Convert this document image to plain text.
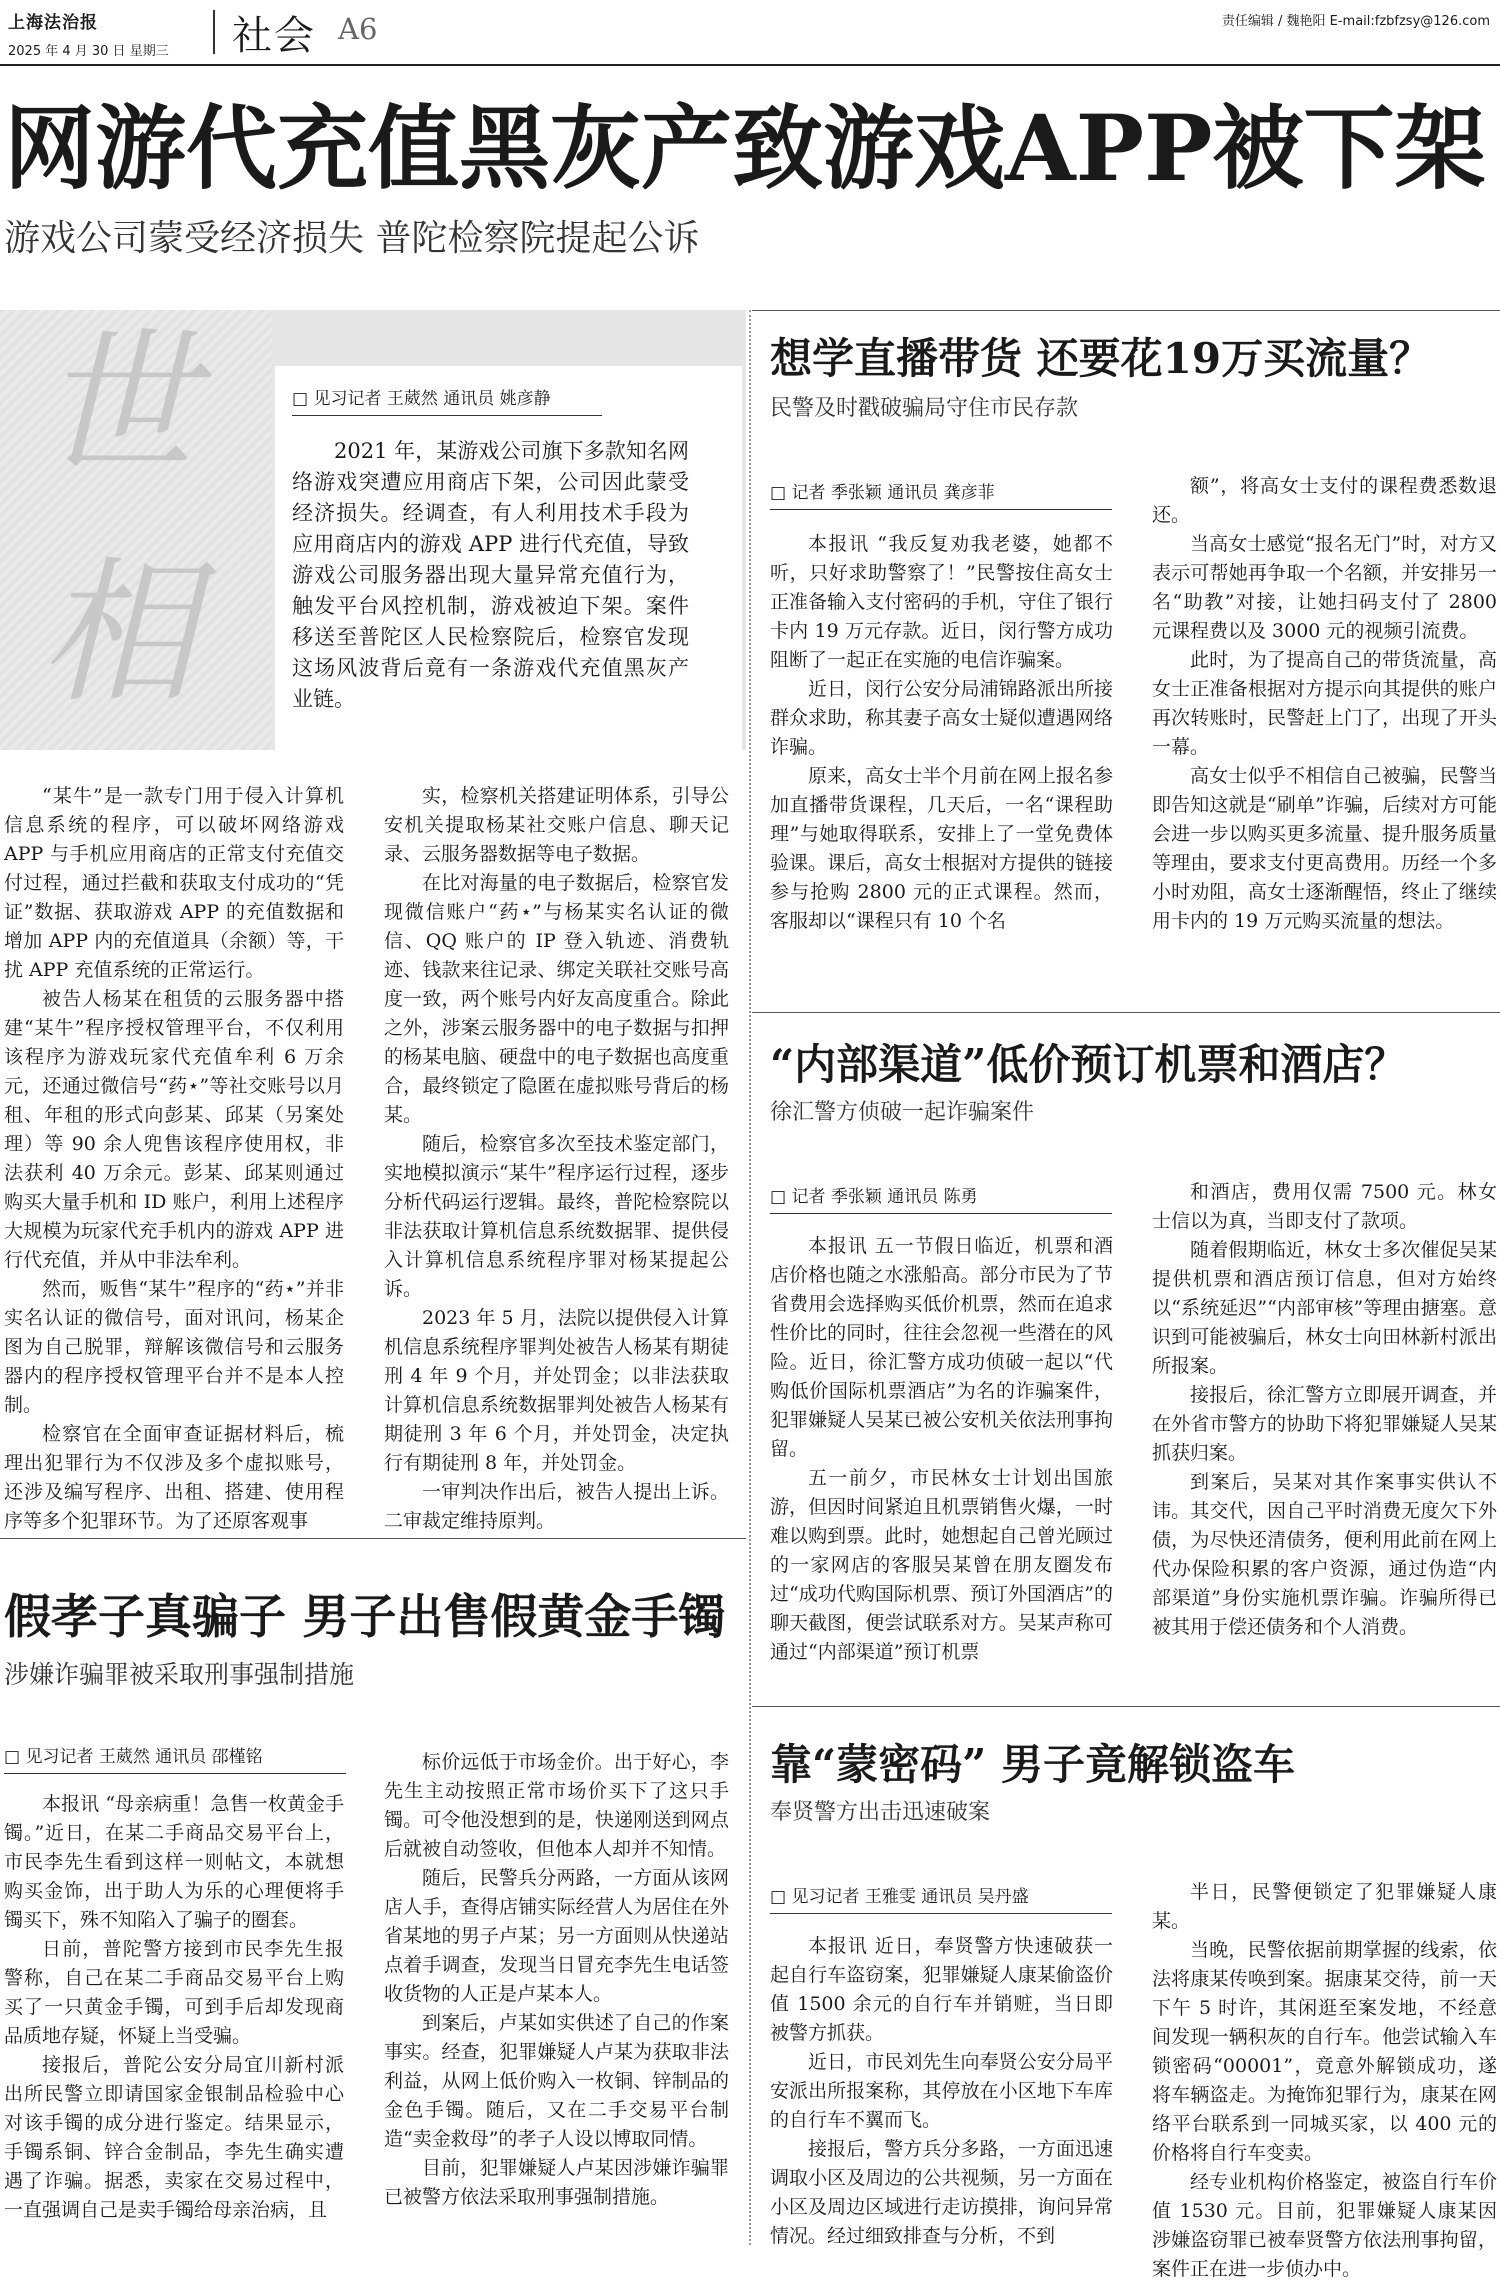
上海法治报
2025 年 4 月 30 日 星期三 社会 A6	责任编辑 / 魏艳阳 E-mail:fzbfzsy@126.com
网游代充值黑灰产致游戏APP被下架
游戏公司蒙受经济损失 普陀检察院提起公诉
世
相
□ 见习记者 王葳然 通讯员 姚彦静

2021 年，某游戏公司旗下多款知名网络游戏突遭应用商店下架，公司因此蒙受经济损失。经调查，有人利用技术手段为应用商店内的游戏 APP 进行代充值，导致游戏公司服务器出现大量异常充值行为，触发平台风控机制，游戏被迫下架。案件移送至普陀区人民检察院后，检察官发现这场风波背后竟有一条游戏代充值黑灰产业链。

“某牛”是一款专门用于侵入计算机信息系统的程序，可以破坏网络游戏 APP 与手机应用商店的正常支付充值交付过程，通过拦截和获取支付成功的“凭证”数据、获取游戏 APP 的充值数据和增加 APP 内的充值道具（余额）等，干扰 APP 充值系统的正常运行。

被告人杨某在租赁的云服务器中搭建“某牛”程序授权管理平台，不仅利用该程序为游戏玩家代充值牟利 6 万余元，还通过微信号“药⋆”等社交账号以月租、年租的形式向彭某、邱某（另案处理）等 90 余人兜售该程序使用权，非法获利 40 万余元。彭某、邱某则通过购买大量手机和 ID 账户，利用上述程序大规模为玩家代充手机内的游戏 APP 进行代充值，并从中非法牟利。

然而，贩售“某牛”程序的“药⋆”并非实名认证的微信号，面对讯问，杨某企图为自己脱罪，辩解该微信号和云服务器内的程序授权管理平台并不是本人控制。

检察官在全面审查证据材料后，梳理出犯罪行为不仅涉及多个虚拟账号，还涉及编写程序、出租、搭建、使用程序等多个犯罪环节。为了还原客观事

实，检察机关搭建证明体系，引导公安机关提取杨某社交账户信息、聊天记录、云服务器数据等电子数据。

在比对海量的电子数据后，检察官发现微信账户“药⋆”与杨某实名认证的微信、QQ 账户的 IP 登入轨迹、消费轨迹、钱款来往记录、绑定关联社交账号高度一致，两个账号内好友高度重合。除此之外，涉案云服务器中的电子数据与扣押的杨某电脑、硬盘中的电子数据也高度重合，最终锁定了隐匿在虚拟账号背后的杨某。

随后，检察官多次至技术鉴定部门，实地模拟演示“某牛”程序运行过程，逐步分析代码运行逻辑。最终，普陀检察院以非法获取计算机信息系统数据罪、提供侵入计算机信息系统程序罪对杨某提起公诉。

2023 年 5 月，法院以提供侵入计算机信息系统程序罪判处被告人杨某有期徒刑 4 年 9 个月，并处罚金；以非法获取计算机信息系统数据罪判处被告人杨某有期徒刑 3 年 6 个月，并处罚金，决定执行有期徒刑 8 年，并处罚金。

一审判决作出后，被告人提出上诉。二审裁定维持原判。

假孝子真骗子 男子出售假黄金手镯
涉嫌诈骗罪被采取刑事强制措施
□ 见习记者 王葳然 通讯员 邵槿铭

本报讯 “母亲病重！急售一枚黄金手镯。”近日，在某二手商品交易平台上，市民李先生看到这样一则帖文，本就想购买金饰，出于助人为乐的心理便将手镯买下，殊不知陷入了骗子的圈套。

日前，普陀警方接到市民李先生报警称，自己在某二手商品交易平台上购买了一只黄金手镯，可到手后却发现商品质地存疑，怀疑上当受骗。

接报后，普陀公安分局宜川新村派出所民警立即请国家金银制品检验中心对该手镯的成分进行鉴定。结果显示，手镯系铜、锌合金制品，李先生确实遭遇了诈骗。据悉，卖家在交易过程中，一直强调自己是卖手镯给母亲治病，且

标价远低于市场金价。出于好心，李先生主动按照正常市场价买下了这只手镯。可令他没想到的是，快递刚送到网点后就被自动签收，但他本人却并不知情。

随后，民警兵分两路，一方面从该网店人手，查得店铺实际经营人为居住在外省某地的男子卢某；另一方面则从快递站点着手调查，发现当日冒充李先生电话签收货物的人正是卢某本人。

到案后，卢某如实供述了自己的作案事实。经查，犯罪嫌疑人卢某为获取非法利益，从网上低价购入一枚铜、锌制品的金色手镯。随后，又在二手交易平台制造“卖金救母”的孝子人设以博取同情。

目前，犯罪嫌疑人卢某因涉嫌诈骗罪已被警方依法采取刑事强制措施。

想学直播带货 还要花19万买流量？
民警及时戳破骗局守住市民存款
□ 记者 季张颖 通讯员 龚彦菲

本报讯 “我反复劝我老婆，她都不听，只好求助警察了！”民警按住高女士正准备输入支付密码的手机，守住了银行卡内 19 万元存款。近日，闵行警方成功阻断了一起正在实施的电信诈骗案。

近日，闵行公安分局浦锦路派出所接群众求助，称其妻子高女士疑似遭遇网络诈骗。

原来，高女士半个月前在网上报名参加直播带货课程，几天后，一名“课程助理”与她取得联系，安排上了一堂免费体验课。课后，高女士根据对方提供的链接参与抢购 2800 元的正式课程。然而，客服却以“课程只有 10 个名

额”，将高女士支付的课程费悉数退还。

当高女士感觉“报名无门”时，对方又表示可帮她再争取一个名额，并安排另一名“助教”对接，让她扫码支付了 2800 元课程费以及 3000 元的视频引流费。

此时，为了提高自己的带货流量，高女士正准备根据对方提示向其提供的账户再次转账时，民警赶上门了，出现了开头一幕。

高女士似乎不相信自己被骗，民警当即告知这就是“刷单”诈骗，后续对方可能会进一步以购买更多流量、提升服务质量等理由，要求支付更高费用。历经一个多小时劝阻，高女士逐渐醒悟，终止了继续用卡内的 19 万元购买流量的想法。

“内部渠道”低价预订机票和酒店？
徐汇警方侦破一起诈骗案件
□ 记者 季张颖 通讯员 陈勇

本报讯 五一节假日临近，机票和酒店价格也随之水涨船高。部分市民为了节省费用会选择购买低价机票，然而在追求性价比的同时，往往会忽视一些潜在的风险。近日，徐汇警方成功侦破一起以“代购低价国际机票酒店”为名的诈骗案件，犯罪嫌疑人吴某已被公安机关依法刑事拘留。

五一前夕，市民林女士计划出国旅游，但因时间紧迫且机票销售火爆，一时难以购到票。此时，她想起自己曾光顾过的一家网店的客服吴某曾在朋友圈发布过“成功代购国际机票、预订外国酒店”的聊天截图，便尝试联系对方。吴某声称可通过“内部渠道”预订机票

和酒店，费用仅需 7500 元。林女士信以为真，当即支付了款项。

随着假期临近，林女士多次催促吴某提供机票和酒店预订信息，但对方始终以“系统延迟”“内部审核”等理由搪塞。意识到可能被骗后，林女士向田林新村派出所报案。

接报后，徐汇警方立即展开调查，并在外省市警方的协助下将犯罪嫌疑人吴某抓获归案。

到案后，吴某对其作案事实供认不讳。其交代，因自己平时消费无度欠下外债，为尽快还清债务，便利用此前在网上代办保险积累的客户资源，通过伪造“内部渠道”身份实施机票诈骗。诈骗所得已被其用于偿还债务和个人消费。

靠“蒙密码” 男子竟解锁盗车
奉贤警方出击迅速破案
□ 见习记者 王雅雯 通讯员 吴丹盛

本报讯 近日，奉贤警方快速破获一起自行车盗窃案，犯罪嫌疑人康某偷盗价值 1500 余元的自行车并销赃，当日即被警方抓获。

近日，市民刘先生向奉贤公安分局平安派出所报案称，其停放在小区地下车库的自行车不翼而飞。

接报后，警方兵分多路，一方面迅速调取小区及周边的公共视频，另一方面在小区及周边区域进行走访摸排，询问异常情况。经过细致排查与分析，不到

半日，民警便锁定了犯罪嫌疑人康某。

当晚，民警依据前期掌握的线索，依法将康某传唤到案。据康某交待，前一天下午 5 时许，其闲逛至案发地，不经意间发现一辆积灰的自行车。他尝试输入车锁密码“00001”，竟意外解锁成功，遂将车辆盗走。为掩饰犯罪行为，康某在网络平台联系到一同城买家，以 400 元的价格将自行车变卖。

经专业机构价格鉴定，被盗自行车价值 1530 元。目前，犯罪嫌疑人康某因涉嫌盗窃罪已被奉贤警方依法刑事拘留，案件正在进一步侦办中。
